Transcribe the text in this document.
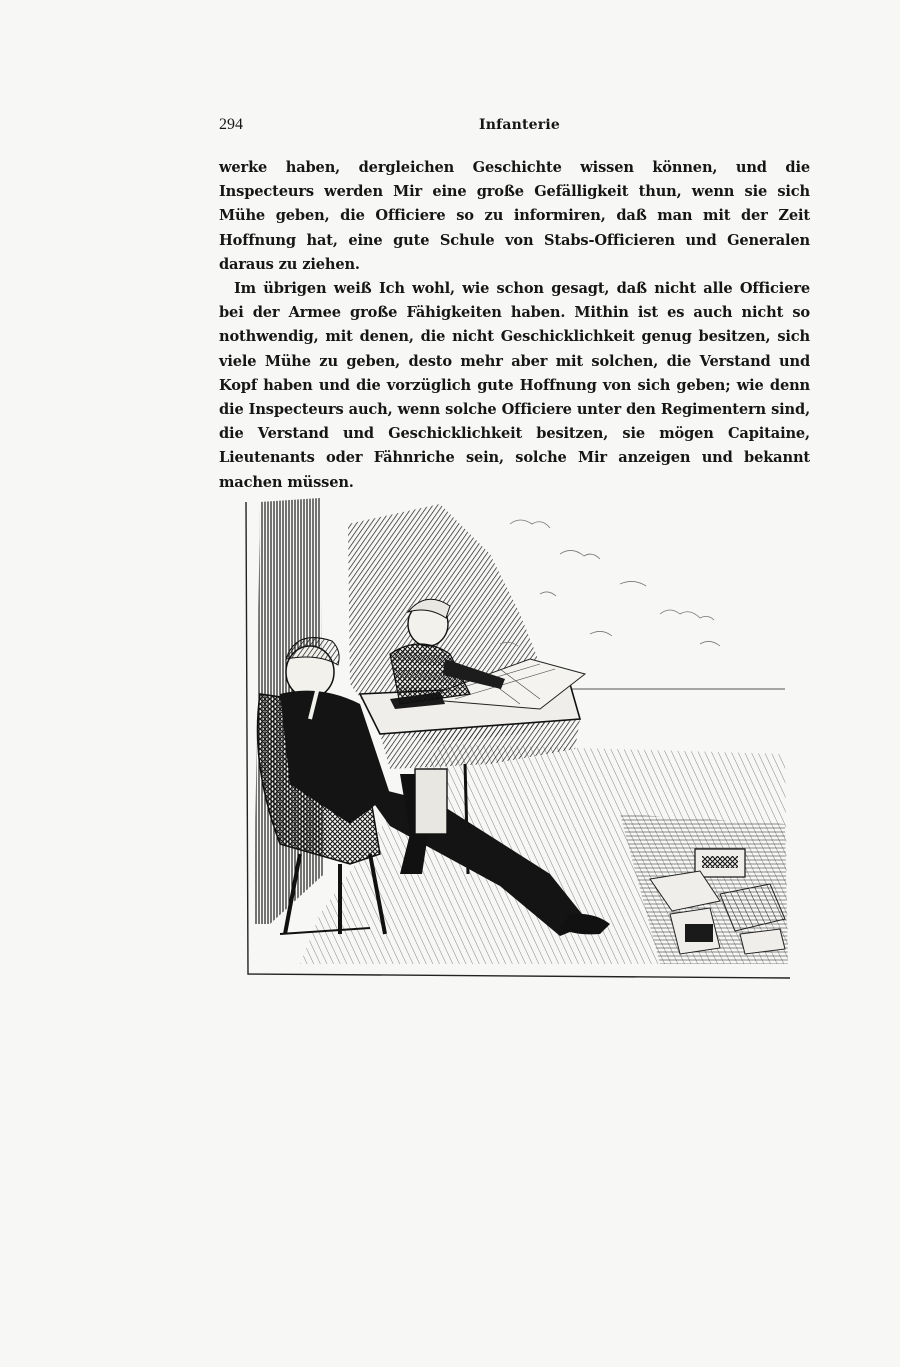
294	Infanterie

werke haben, dergleichen Geschichte wissen können, und die Inspecteurs werden Mir eine große Gefälligkeit thun, wenn sie sich Mühe geben, die Officiere so zu informiren, daß man mit der Zeit Hoffnung hat, eine gute Schule von Stabs-Officieren und Generalen daraus zu ziehen.

Im übrigen weiß Ich wohl, wie schon gesagt, daß nicht alle Officiere bei der Armee große Fähigkeiten haben. Mithin ist es auch nicht so nothwendig, mit denen, die nicht Geschicklichkeit genug besitzen, sich viele Mühe zu geben, desto mehr aber mit solchen, die Verstand und Kopf haben und die vorzüglich gute Hoffnung von sich geben; wie denn die Inspecteurs auch, wenn solche Officiere unter den Regimentern sind, die Verstand und Geschicklichkeit besitzen, sie mögen Capitaine, Lieutenants oder Fähnriche sein, solche Mir anzeigen und bekannt machen müssen.
